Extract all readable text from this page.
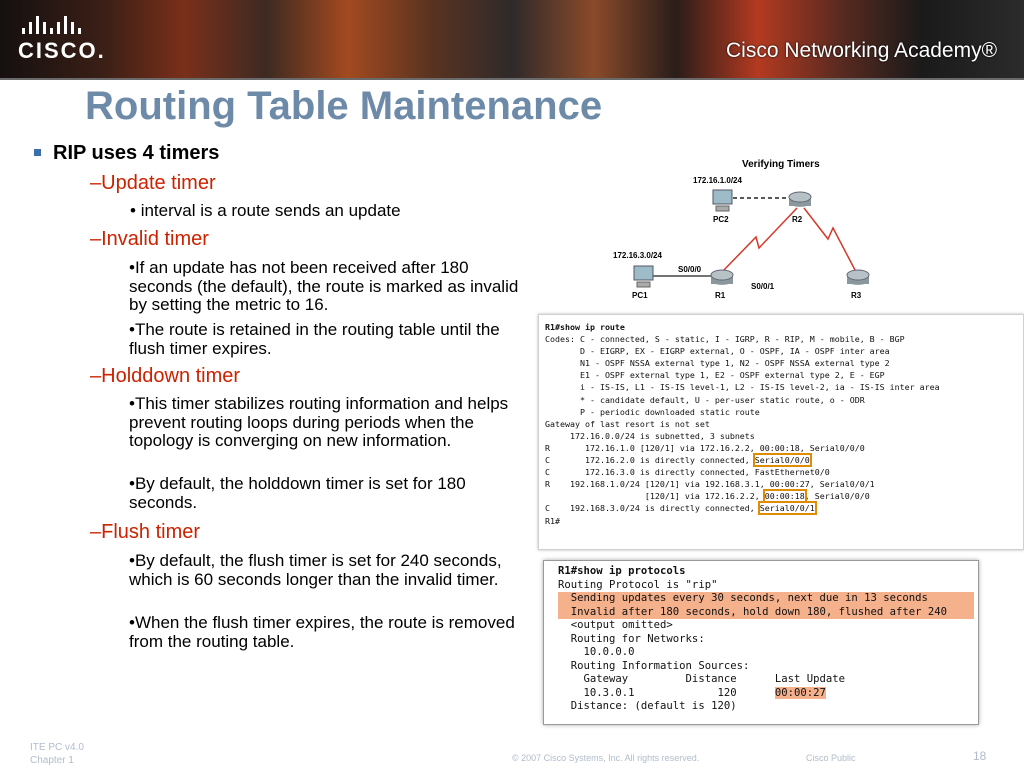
CISCO.	Cisco Networking Academy®
Routing Table Maintenance
RIP uses 4 timers
–Update timer
• interval is a route sends an update
–Invalid timer
•If an update has not been received after 180 seconds (the default), the route is marked as invalid by setting the metric to 16.
•The route is retained in the routing table until the flush timer expires.
–Holddown timer
•This timer stabilizes routing information and helps prevent routing loops during periods when the topology is converging on new information.
•By default, the holddown timer is set for 180 seconds.
–Flush timer
•By default, the flush timer is set for 240 seconds, which is 60 seconds longer than the invalid timer.
•When the flush timer expires, the route is removed from the routing table.
Verifying Timers
172.16.1.0/24
172.16.3.0/24
PC2	R2
PC1
S0/0/0
R1
S0/0/1
R3
R1#show ip route
Codes: C - connected, S - static, I - IGRP, R - RIP, M - mobile, B - BGP
D - EIGRP, EX - EIGRP external, O - OSPF, IA - OSPF inter area
N1 - OSPF NSSA external type 1, N2 - OSPF NSSA external type 2
E1 - OSPF external type 1, E2 - OSPF external type 2, E - EGP
i - IS-IS, L1 - IS-IS level-1, L2 - IS-IS level-2, ia - IS-IS inter area
* - candidate default, U - per-user static route, o - ODR
P - periodic downloaded static route
Gateway of last resort is not set
172.16.0.0/24 is subnetted, 3 subnets
R       172.16.1.0 [120/1] via 172.16.2.2, 00:00:18, Serial0/0/0
C       172.16.2.0 is directly connected, Serial0/0/0
C       172.16.3.0 is directly connected, FastEthernet0/0
R    192.168.1.0/24 [120/1] via 192.168.3.1, 00:00:27, Serial0/0/1
[120/1] via 172.16.2.2, 00:00:18, Serial0/0/0
C    192.168.3.0/24 is directly connected, Serial0/0/1
R1#
R1#show ip protocols
Routing Protocol is "rip"
Sending updates every 30 seconds, next due in 13 seconds
Invalid after 180 seconds, hold down 180, flushed after 240
<output omitted>
Routing for Networks:
10.0.0.0
Routing Information Sources:
Gateway         Distance      Last Update
10.3.0.1             120      00:00:27
Distance: (default is 120)
ITE PC v4.0
Chapter 1	© 2007 Cisco Systems, Inc. All rights reserved.	Cisco Public	18
